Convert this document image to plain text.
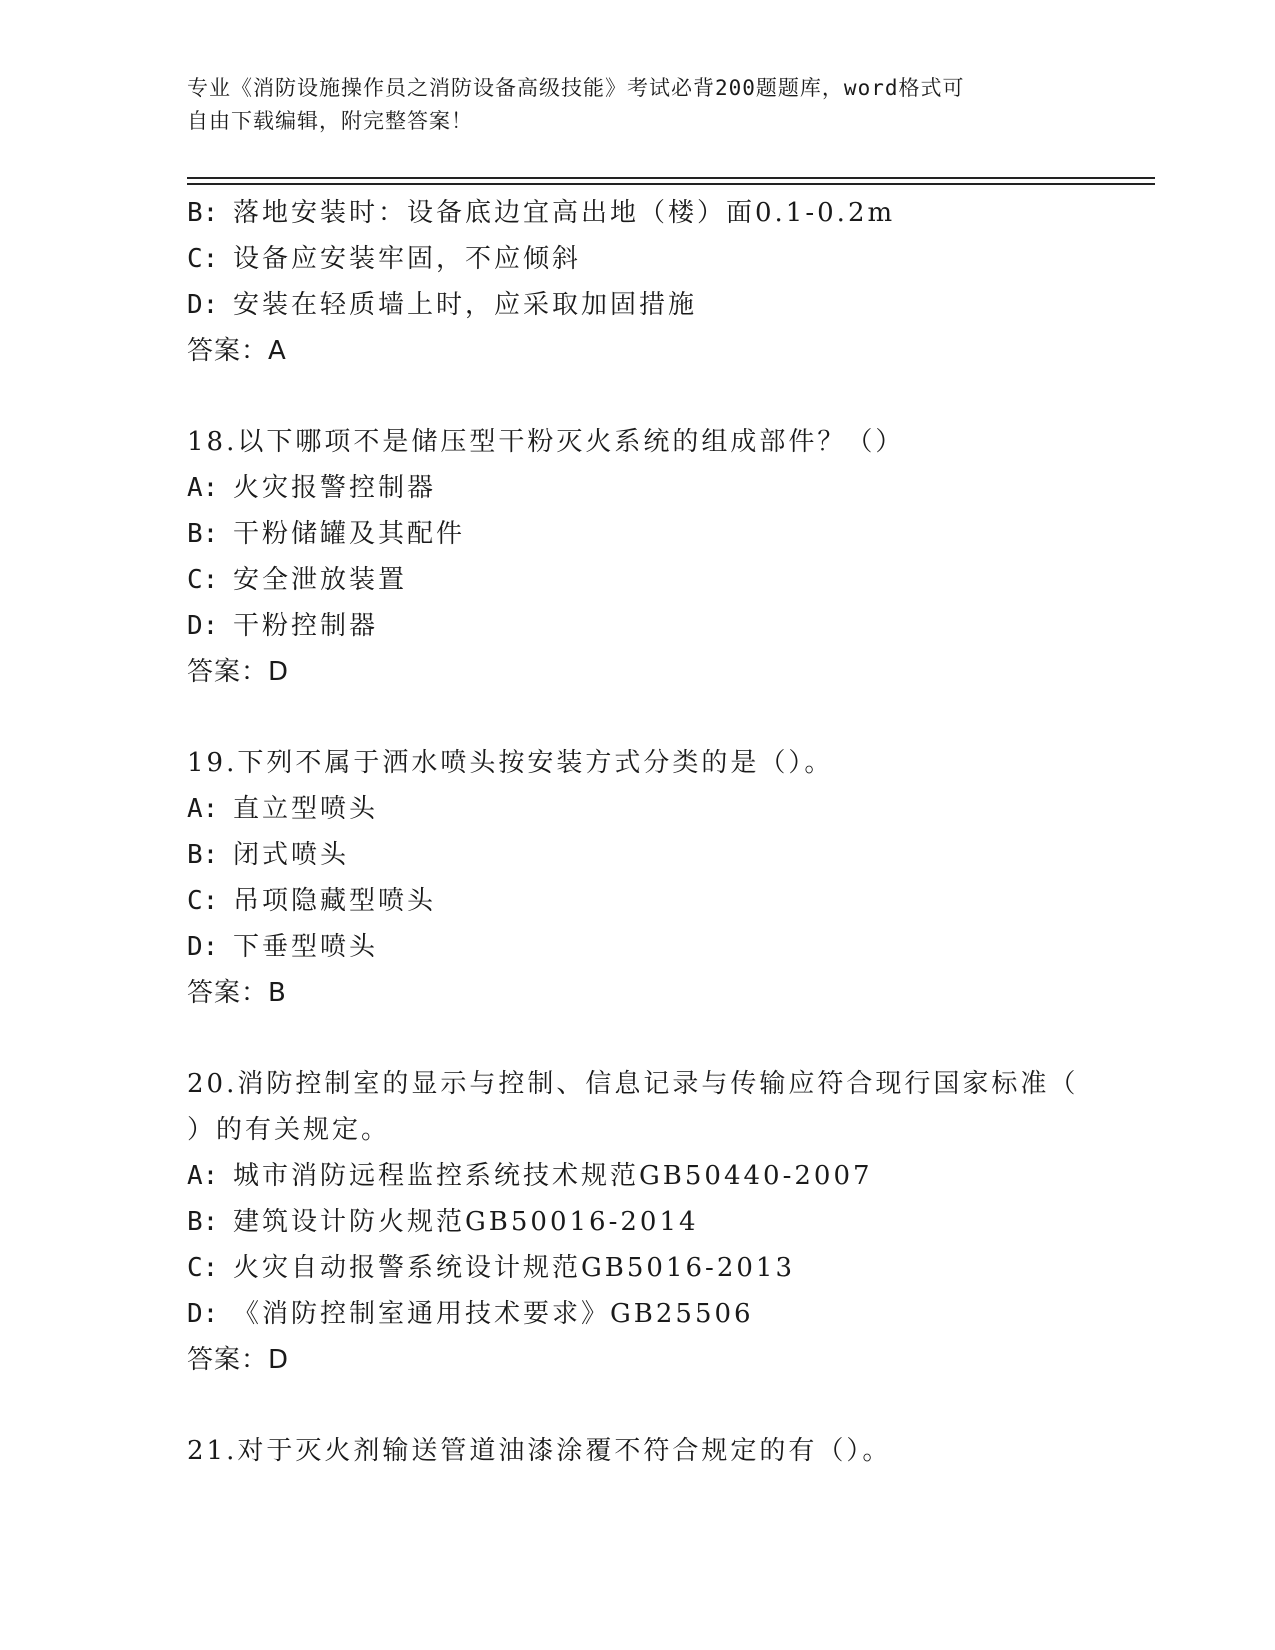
专业《消防设施操作员之消防设备高级技能》考试必背200题题库，word格式可
自由下载编辑，附完整答案！
B: 落地安装时：设备底边宜高出地（楼）面0.1-0.2m
C: 设备应安装牢固，不应倾斜
D: 安装在轻质墙上时，应采取加固措施
答案：A
18.以下哪项不是储压型干粉灭火系统的组成部件？（）
A: 火灾报警控制器
B: 干粉储罐及其配件
C: 安全泄放装置
D: 干粉控制器
答案：D
19.下列不属于洒水喷头按安装方式分类的是（）。
A: 直立型喷头
B: 闭式喷头
C: 吊项隐藏型喷头
D: 下垂型喷头
答案：B
20.消防控制室的显示与控制、信息记录与传输应符合现行国家标准（
）的有关规定。
A: 城市消防远程监控系统技术规范GB50440-2007
B: 建筑设计防火规范GB50016-2014
C: 火灾自动报警系统设计规范GB5016-2013
D: 《消防控制室通用技术要求》GB25506
答案：D
21.对于灭火剂输送管道油漆涂覆不符合规定的有（）。
